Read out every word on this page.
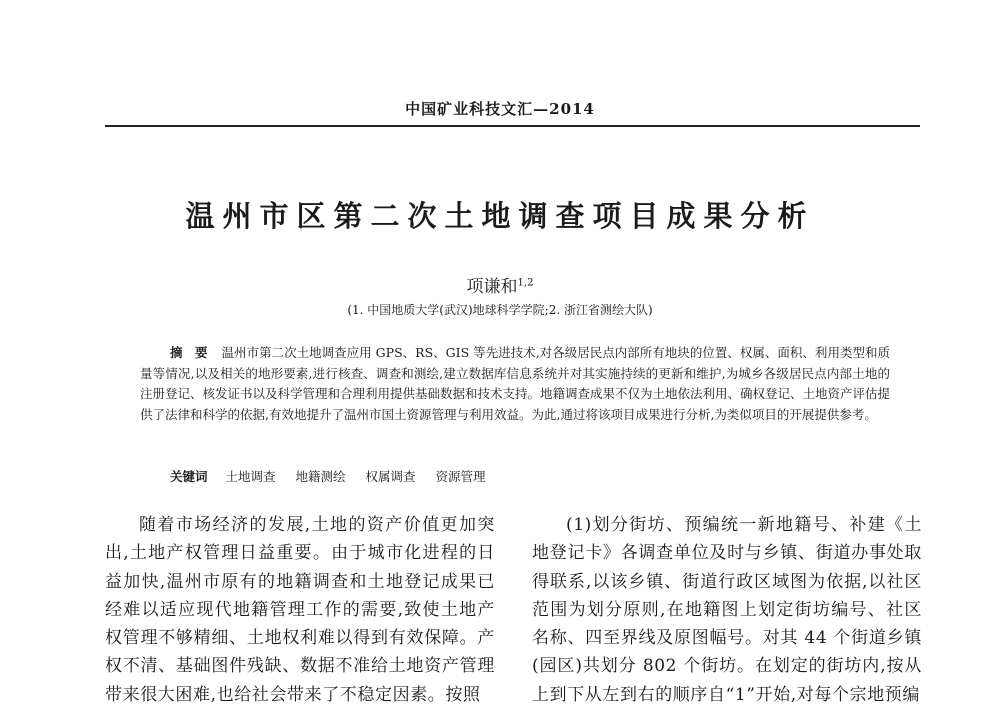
中国矿业科技文汇—2014
温州市区第二次土地调查项目成果分析
项谦和$^{1,2}$
(1. 中国地质大学(武汉)地球科学学院;2. 浙江省测绘大队)
摘　要 温州市第二次土地调查应用 GPS、RS、GIS 等先进技术,对各级居民点内部所有地块的位置、权属、面积、利用类型和质量等情况,以及相关的地形要素,进行核查、调查和测绘,建立数据库信息系统并对其实施持续的更新和维护,为城乡各级居民点内部土地的注册登记、核发证书以及科学管理和合理利用提供基础数据和技术支持。地籍调查成果不仅为土地依法利用、确权登记、土地资产评估提供了法律和科学的依据,有效地提升了温州市国土资源管理与利用效益。为此,通过将该项目成果进行分析,为类似项目的开展提供参考。
关键词 土地调查 地籍测绘 权属调查 资源管理

随着市场经济的发展,土地的资产价值更加突出,土地产权管理日益重要。由于城市化进程的日益加快,温州市原有的地籍调查和土地登记成果已经难以适应现代地籍管理工作的需要,致使土地产权管理不够精细、土地权利难以得到有效保障。产权不清、基础图件残缺、数据不准给土地资产管理带来很大困难,也给社会带来了不稳定因素。按照

(1)划分街坊、预编统一新地籍号、补建《土地登记卡》各调查单位及时与乡镇、街道办事处取得联系,以该乡镇、街道行政区域图为依据,以社区范围为划分原则,在地籍图上划定街坊编号、社区名称、四至界线及原图幅号。对其 44 个街道乡镇(园区)共划分 802 个街坊。在划定的街坊内,按从上到下从左到右的顺序自“1”开始,对每个宗地预编
